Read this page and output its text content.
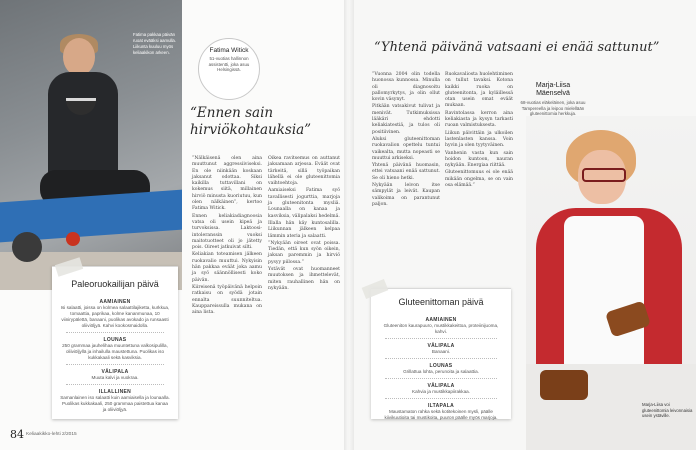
Fatima pakkaa päivän ruoat evääksi aamulla. Liikunta kuuluu myös keliaakikon arkeen.	Fatima Witick
51-vuotias hallinnon assistentti, joka asuu Helsingissä.
“Ennen sain hirviökohtauksia”

”Nälkäisenä olen aina muuttunut aggressiiviseksi. En ole niinkään koskaan jaksanut odottaa. Siksi kaikilla tuttavillani on kokemus siitä, millainen hirviö minusta kuoriutuu, kun olen nälkäinen”, kertoo Fatima Witick.

Ennen keliakiadiagnoosia vatsa oli usein kipeä ja turvoksissa. Laktoosi-intoleranssin vuoksi maitotuotteet oli jo jätetty pois. Oireet jatkuivat silti.

Keliakian toteamisen jälkeen ruokavalio muuttui. Nykyisin hän pakkaa eväät joka aamu ja syö säännöllisesti koko päivän.

Kiireisenä työpäivänä helpoin ratkaisu on syödä jotain ennalta suunniteltua. Kauppareissulla mukana on aina lista.

Oikea ravitsemus on auttanut jaksamaan arjessa. Eväät ovat tärkeitä, sillä työpaikan lähellä ei ole gluteenittomia vaihtoehtoja.

Aamiaiseksi Fatima syö tavallisesti jogurttia, marjoja ja gluteenitonta mysliä. Lounaalla on kanaa ja kasviksia, välipalaksi hedelmä.

Illalla hän käy kuntosalilla. Liikunnan jälkeen kelpaa lämmin ateria ja salaatti.

”Nykyään oireet ovat poissa. Tiedän, että kun syön oikein, jaksan paremmin ja hirviö pysyy piilossa.”

Ystävät ovat huomanneet muutoksen ja ihmettelevät, miten rauhallinen hän on nykyään.

Paleoruokailijan päivä
AAMIAINEN
Isi salaatti, joissa on kolmea salaattilajiketta, kurkkua, tomaattia, paprikaa, kolme kananmunaa, 10 viinirypälettä, banaani, puolikas avokado ja runsaasti oliiviöljyä. Kahvi kookosmaidolla.
LOUNAS
250 grammaa jauhelihaa muuntettuna valkosipulilla, oliiviöljyllä ja inhailulla maustettuna. Puolikas iso kukkakaali sekä kasviksia.
VÄLIPALA
Muuta kalvi ja vuokraa.
ILLALLINEN
Samanlainen iso salaatti kuin aamiaisella ja lounaalla. Puolikas kukkakaali, 250 grammaa paistettua kanaa ja oliiviöljyä.
84 Keliaakikko-lehti 2/2015
“Yhtenä päivänä vatsaani ei enää sattunut”

”Vuonna 2004 olin todella huonossa kunnossa. Minulla oli diagnosoitu pallomyrkytys, ja olin ollut kovin väsynyt.

Pitkään vatsakivut tulivat ja menivät. Tutkimuksissa lääkäri ehdotti keliakiatestiä, ja tulos oli positiivinen.

Aluksi gluteenittoman ruokavalion opettelu tuntui vaikealta, mutta nopeasti se muuttui arkiseksi.

Yhtenä päivänä huomasin, ettei vatsaani enää sattunut. Se oli hieno hetki.

Nykyään leivon itse sämpylät ja leivät. Kaupan valikoima on parantunut paljon.

Ruokavaliosta huolehtiminen on tullut tavaksi. Kotona kaikki ruoka on gluteenitonta, ja kyläillessä otan usein omat eväät mukaan.

Ravintolassa kerron aina keliakiasta ja kysyn tarkasti ruoan valmistuksesta.

Liikun päivittäin ja ulkoilen lastenlasten kanssa. Voin hyvin ja olen tyytyväinen.

Vanhenin vasta kun sain hoidon kuntoon, nauran nykyään. Energiaa riittää.

Gluteenittomuus ei ole enää mikään ongelma, se on vain osa elämää.”

Marja-Liisa Mäenselvä
68-vuotias eläkeläinen, joka asuu Tampereella ja leipoo mielellään gluteenittomia herkkuja.
Marja-Liisa voi gluteenittomia leivonnaisia usein ystäville.
Gluteenittoman päivä
AAMIAINEN
Gluteeniton kaurapuuro, mustikkakeittoa, proteiinijuoma, kahvi.
VÄLIPALA
Banaani.
LOUNAS
Grillattua lohta, perunoita ja salaattia.
VÄLIPALA
Kahvia ja mustikkapiirakkaa.
ILTAPALA
Maustamaton rahka sekä kotitekoinen mysli, päälle kiivikuutioita tai mustikoita, puuron päälle myös marjoja.
